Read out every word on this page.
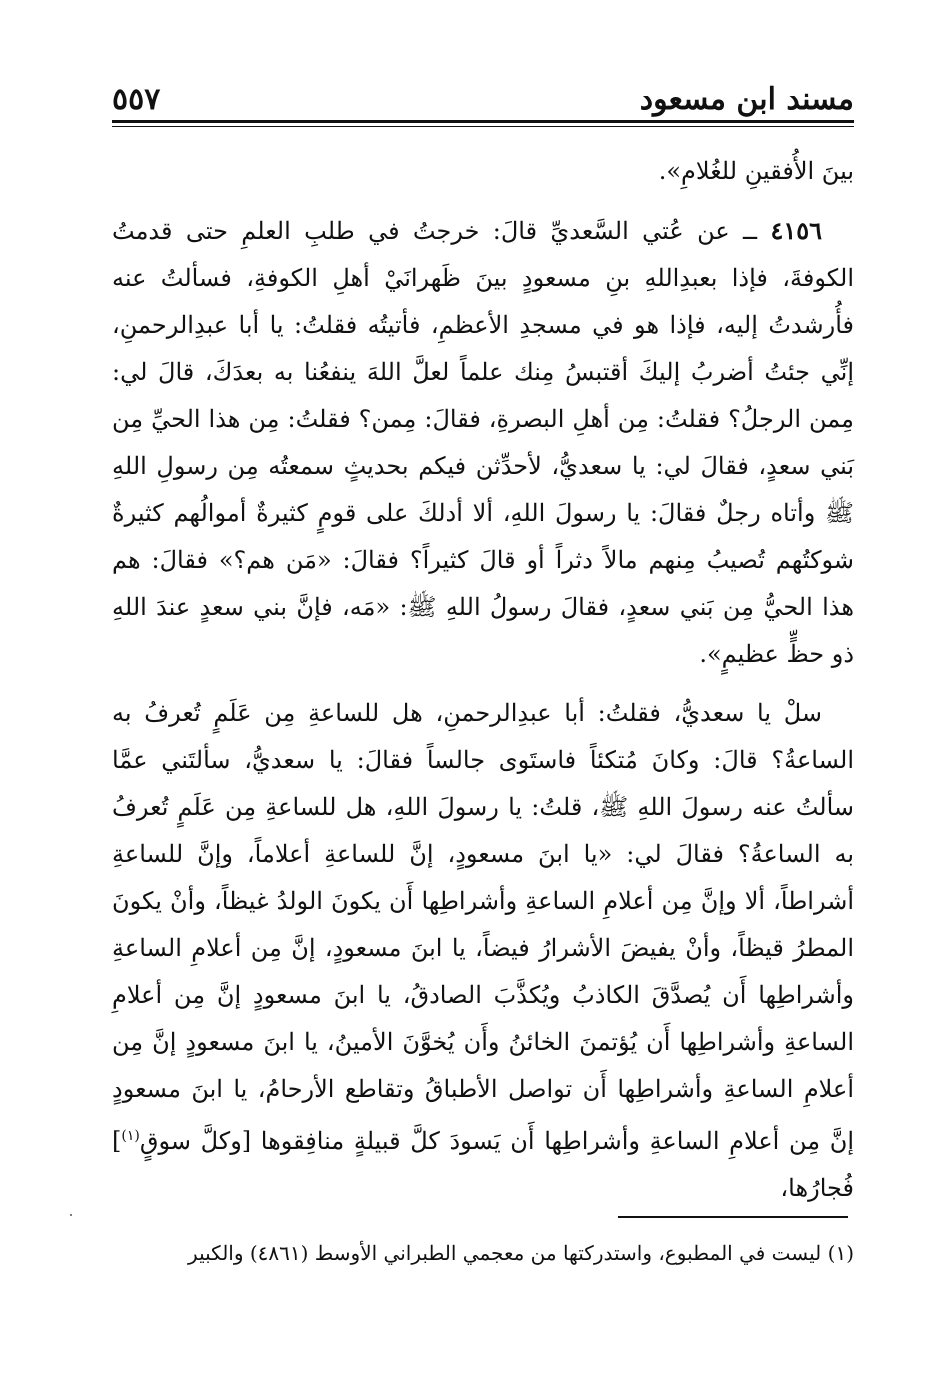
مسند ابن مسعود
٥٥٧

بينَ الأُفقينِ للغُلامِ».

٤١٥٦ ــ عن عُتي السَّعديِّ قالَ: خرجتُ في طلبِ العلمِ حتى قدمتُ الكوفةَ، فإذا بعبدِاللهِ بنِ مسعودٍ بينَ ظَهرانَيْ أهلِ الكوفةِ، فسألتُ عنه فأُرشدتُ إليه، فإذا هو في مسجدِ الأعظمِ، فأتيتُه فقلتُ: يا أبا عبدِالرحمنِ، إنِّي جئتُ أضربُ إليكَ أقتبسُ مِنك علماً لعلَّ اللهَ ينفعُنا به بعدَكَ، قالَ لي: مِمن الرجلُ؟ فقلتُ: مِن أهلِ البصرةِ، فقالَ: مِمن؟ فقلتُ: مِن هذا الحيِّ مِن بَني سعدٍ، فقالَ لي: يا سعديُّ، لأحدِّثن فيكم بحديثٍ سمعتُه مِن رسولِ اللهِ ﷺ وأتاه رجلٌ فقالَ: يا رسولَ اللهِ، ألا أدلكَ على قومٍ كثيرةٌ أموالُهم كثيرةٌ شوكتُهم تُصيبُ مِنهم مالاً دثراً أو قالَ كثيراً؟ فقالَ: «مَن هم؟» فقالَ: هم هذا الحيُّ مِن بَني سعدٍ، فقالَ رسولُ اللهِ ﷺ: «مَه، فإنَّ بني سعدٍ عندَ اللهِ ذو حظٍّ عظيمٍ».

سلْ يا سعديُّ، فقلتُ: أبا عبدِالرحمنِ، هل للساعةِ مِن عَلَمٍ تُعرفُ به الساعةُ؟ قالَ: وكانَ مُتكئاً فاستَوى جالساً فقالَ: يا سعديُّ، سألتَني عمَّا سألتُ عنه رسولَ اللهِ ﷺ، قلتُ: يا رسولَ اللهِ، هل للساعةِ مِن عَلَمٍ تُعرفُ به الساعةُ؟ فقالَ لي: «يا ابنَ مسعودٍ، إنَّ للساعةِ أعلاماً، وإنَّ للساعةِ أشراطاً، ألا وإنَّ مِن أعلامِ الساعةِ وأشراطِها أَن يكونَ الولدُ غيظاً، وأنْ يكونَ المطرُ قيظاً، وأنْ يفيضَ الأشرارُ فيضاً، يا ابنَ مسعودٍ، إنَّ مِن أعلامِ الساعةِ وأشراطِها أَن يُصدَّقَ الكاذبُ ويُكذَّبَ الصادقُ، يا ابنَ مسعودٍ إنَّ مِن أعلامِ الساعةِ وأشراطِها أَن يُؤتمنَ الخائنُ وأَن يُخوَّنَ الأمينُ، يا ابنَ مسعودٍ إنَّ مِن أعلامِ الساعةِ وأشراطِها أَن تواصل الأطباقُ وتقاطع الأرحامُ، يا ابنَ مسعودٍ إنَّ مِن أعلامِ الساعةِ وأشراطِها أَن يَسودَ كلَّ قبيلةٍ منافِقوها [وكلَّ سوقٍ$^{(١)}$] فُجارُها،

(١) ليست في المطبوع، واستدركتها من معجمي الطبراني الأوسط (٤٨٦١) والكبير
